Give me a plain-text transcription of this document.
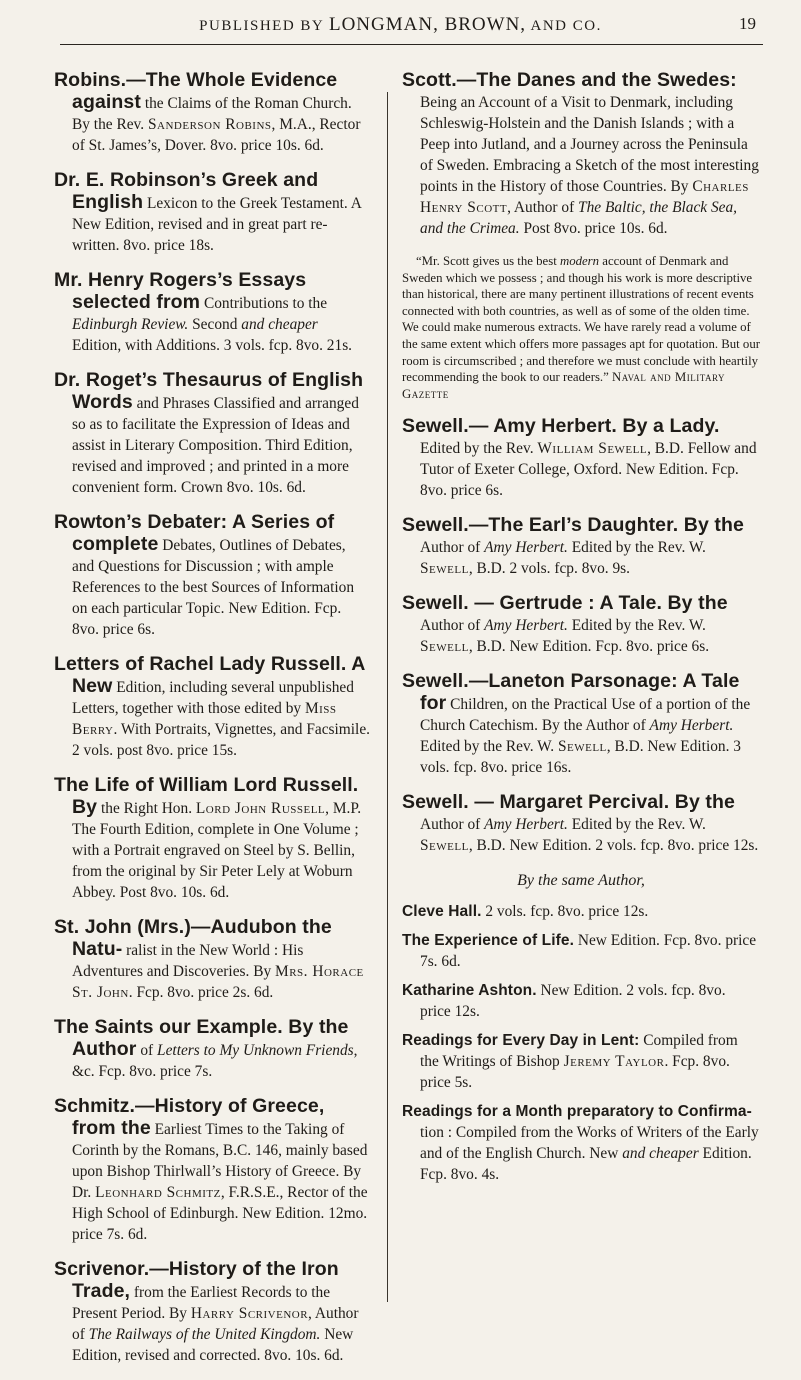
PUBLISHED BY LONGMAN, BROWN, AND CO.	19

Robins.—The Whole Evidence against the Claims of the Roman Church. By the Rev. Sanderson Robins, M.A., Rector of St. James’s, Dover. 8vo. price 10s. 6d.

Dr. E. Robinson’s Greek and English Lexicon to the Greek Testament. A New Edition, revised and in great part re-written. 8vo. price 18s.

Mr. Henry Rogers’s Essays selected from Contributions to the Edinburgh Review. Second and cheaper Edition, with Additions. 3 vols. fcp. 8vo. 21s.

Dr. Roget’s Thesaurus of English Words and Phrases Classified and arranged so as to facilitate the Expression of Ideas and assist in Literary Composition. Third Edition, revised and improved ; and printed in a more convenient form. Crown 8vo. 10s. 6d.

Rowton’s Debater: A Series of complete Debates, Outlines of Debates, and Questions for Discussion ; with ample References to the best Sources of Information on each particular Topic. New Edition. Fcp. 8vo. price 6s.

Letters of Rachel Lady Russell. A New Edition, including several unpublished Letters, together with those edited by Miss Berry. With Portraits, Vignettes, and Facsimile. 2 vols. post 8vo. price 15s.

The Life of William Lord Russell. By the Right Hon. Lord John Russell, M.P. The Fourth Edition, complete in One Volume ; with a Portrait engraved on Steel by S. Bellin, from the original by Sir Peter Lely at Woburn Abbey. Post 8vo. 10s. 6d.

St. John (Mrs.)—Audubon the Natu- ralist in the New World : His Adventures and Discoveries. By Mrs. Horace St. John. Fcp. 8vo. price 2s. 6d.

The Saints our Example. By the Author of Letters to My Unknown Friends, &c. Fcp. 8vo. price 7s.

Schmitz.—History of Greece, from the Earliest Times to the Taking of Corinth by the Romans, B.C. 146, mainly based upon Bishop Thirlwall’s History of Greece. By Dr. Leonhard Schmitz, F.R.S.E., Rector of the High School of Edinburgh. New Edition. 12mo. price 7s. 6d.

Scrivenor.—History of the Iron Trade, from the Earliest Records to the Present Period. By Harry Scrivenor, Author of The Railways of the United Kingdom. New Edition, revised and corrected. 8vo. 10s. 6d.

Scott.—The Danes and the Swedes: Being an Account of a Visit to Denmark, including Schleswig-Holstein and the Danish Islands ; with a Peep into Jutland, and a Journey across the Peninsula of Sweden. Embracing a Sketch of the most interesting points in the History of those Countries. By Charles Henry Scott, Author of The Baltic, the Black Sea, and the Crimea. Post 8vo. price 10s. 6d.

“Mr. Scott gives us the best modern account of Denmark and Sweden which we possess ; and though his work is more descriptive than historical, there are many pertinent illustrations of recent events connected with both countries, as well as of some of the olden time. We could make numerous extracts. We have rarely read a volume of the same extent which offers more passages apt for quotation. But our room is circumscribed ; and therefore we must conclude with heartily recommending the book to our readers.” Naval and Military Gazette

Sewell.— Amy Herbert. By a Lady. Edited by the Rev. William Sewell, B.D. Fellow and Tutor of Exeter College, Oxford. New Edition. Fcp. 8vo. price 6s.

Sewell.—The Earl’s Daughter. By the Author of Amy Herbert. Edited by the Rev. W. Sewell, B.D. 2 vols. fcp. 8vo. 9s.

Sewell. — Gertrude : A Tale. By the Author of Amy Herbert. Edited by the Rev. W. Sewell, B.D. New Edition. Fcp. 8vo. price 6s.

Sewell.—Laneton Parsonage: A Tale for Children, on the Practical Use of a portion of the Church Catechism. By the Author of Amy Herbert. Edited by the Rev. W. Sewell, B.D. New Edition. 3 vols. fcp. 8vo. price 16s.

Sewell. — Margaret Percival. By the Author of Amy Herbert. Edited by the Rev. W. Sewell, B.D. New Edition. 2 vols. fcp. 8vo. price 12s.

By the same Author,

Cleve Hall. 2 vols. fcp. 8vo. price 12s.

The Experience of Life. New Edition. Fcp. 8vo. price 7s. 6d.

Katharine Ashton. New Edition. 2 vols. fcp. 8vo. price 12s.

Readings for Every Day in Lent: Compiled from the Writings of Bishop Jeremy Taylor. Fcp. 8vo. price 5s.

Readings for a Month preparatory to Confirma- tion : Compiled from the Works of Writers of the Early and of the English Church. New and cheaper Edition. Fcp. 8vo. 4s.
